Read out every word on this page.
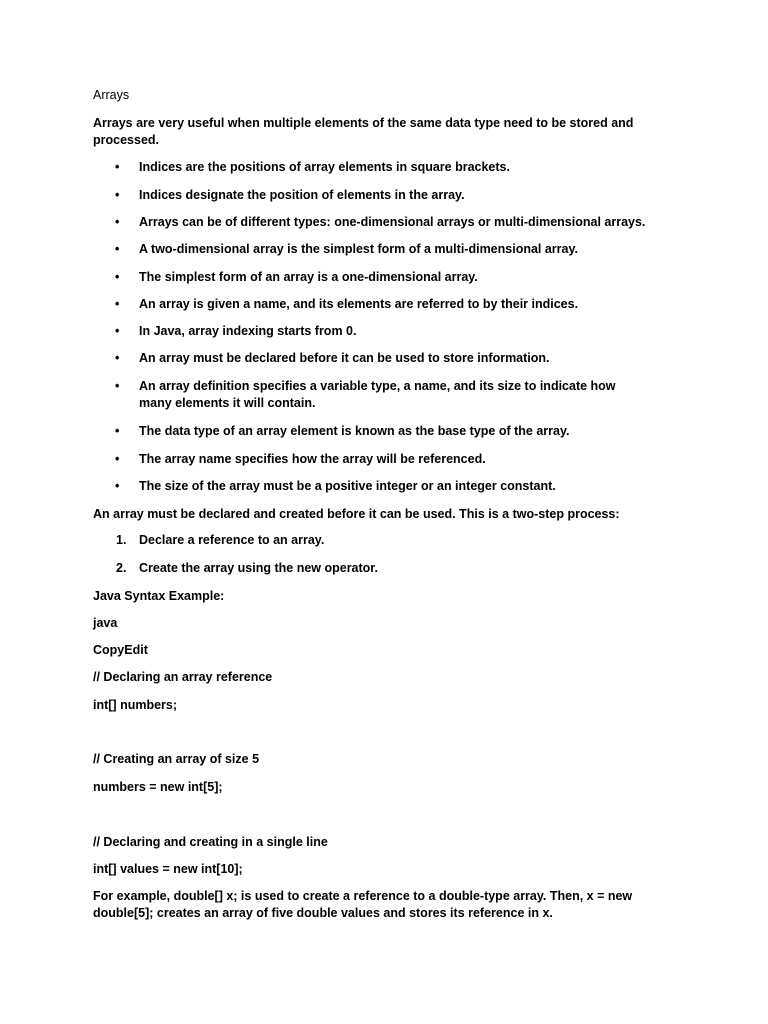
Arrays
Arrays are very useful when multiple elements of the same data type need to be stored and processed.
• Indices are the positions of array elements in square brackets.
• Indices designate the position of elements in the array.
• Arrays can be of different types: one-dimensional arrays or multi-dimensional arrays.
• A two-dimensional array is the simplest form of a multi-dimensional array.
• The simplest form of an array is a one-dimensional array.
• An array is given a name, and its elements are referred to by their indices.
• In Java, array indexing starts from 0.
• An array must be declared before it can be used to store information.
• An array definition specifies a variable type, a name, and its size to indicate how many elements it will contain.
• The data type of an array element is known as the base type of the array.
• The array name specifies how the array will be referenced.
• The size of the array must be a positive integer or an integer constant.
An array must be declared and created before it can be used. This is a two-step process:
1. Declare a reference to an array.
2. Create the array using the new operator.
Java Syntax Example:
java
CopyEdit
// Declaring an array reference
int[] numbers;
// Creating an array of size 5
numbers = new int[5];
// Declaring and creating in a single line
int[] values = new int[10];
For example, double[] x; is used to create a reference to a double-type array. Then, x = new double[5]; creates an array of five double values and stores its reference in x.
